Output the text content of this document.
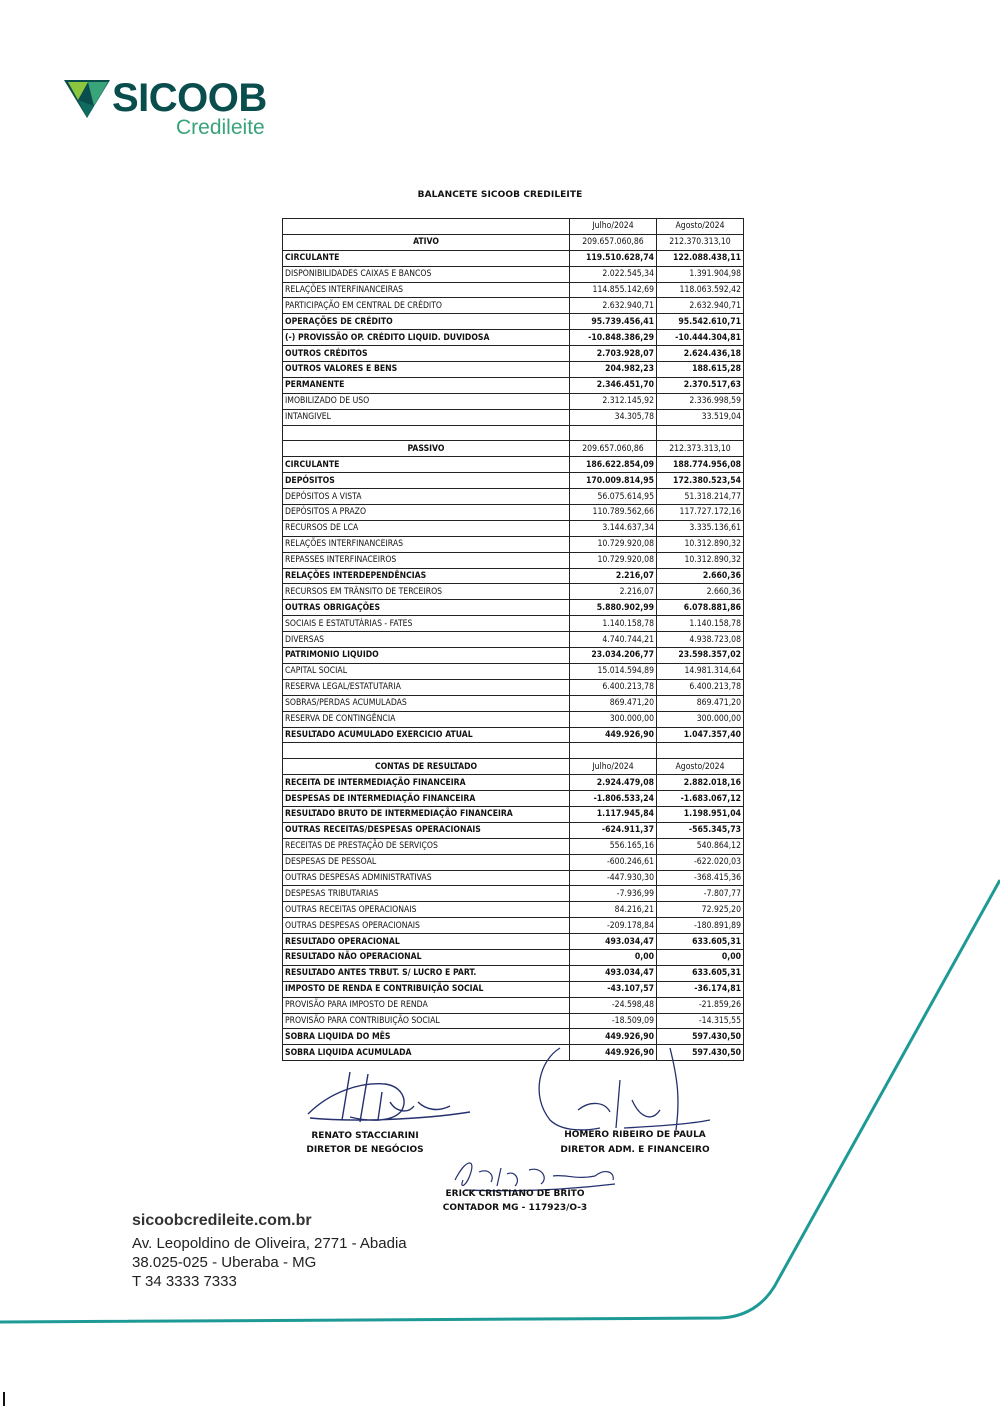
SICOOB
Credileite
BALANCETE SICOOB CREDILEITE
	Julho/2024	Agosto/2024
ATIVO	209.657.060,86	212.370.313,10
CIRCULANTE	119.510.628,74	122.088.438,11
DISPONIBILIDADES CAIXAS E BANCOS	2.022.545,34	1.391.904,98
RELAÇÕES INTERFINANCEIRAS	114.855.142,69	118.063.592,42
PARTICIPAÇÃO EM CENTRAL DE CRÉDITO	2.632.940,71	2.632.940,71
OPERAÇÕES DE CRÉDITO	95.739.456,41	95.542.610,71
(-) PROVISSÃO OP. CRÉDITO LIQUID. DUVIDOSA	-10.848.386,29	-10.444.304,81
OUTROS CRÉDITOS	2.703.928,07	2.624.436,18
OUTROS VALORES E BENS	204.982,23	188.615,28
PERMANENTE	2.346.451,70	2.370.517,63
IMOBILIZADO DE USO	2.312.145,92	2.336.998,59
INTANGIVEL	34.305,78	33.519,04

PASSIVO	209.657.060,86	212.373.313,10
CIRCULANTE	186.622.854,09	188.774.956,08
DEPÓSITOS	170.009.814,95	172.380.523,54
DEPÓSITOS A VISTA	56.075.614,95	51.318.214,77
DEPÓSITOS A PRAZO	110.789.562,66	117.727.172,16
RECURSOS DE LCA	3.144.637,34	3.335.136,61
RELAÇÕES INTERFINANCEIRAS	10.729.920,08	10.312.890,32
REPASSES INTERFINACEIROS	10.729.920,08	10.312.890,32
RELAÇÕES INTERDEPENDÊNCIAS	2.216,07	2.660,36
RECURSOS EM TRÂNSITO DE TERCEIROS	2.216,07	2.660,36
OUTRAS OBRIGAÇÕES	5.880.902,99	6.078.881,86
SOCIAIS E ESTATUTÁRIAS - FATES	1.140.158,78	1.140.158,78
DIVERSAS	4.740.744,21	4.938.723,08
PATRIMONIO LIQUIDO	23.034.206,77	23.598.357,02
CAPITAL SOCIAL	15.014.594,89	14.981.314,64
RESERVA LEGAL/ESTATUTARIA	6.400.213,78	6.400.213,78
SOBRAS/PERDAS ACUMULADAS	869.471,20	869.471,20
RESERVA DE CONTINGÊNCIA	300.000,00	300.000,00
RESULTADO ACUMULADO EXERCICIO ATUAL	449.926,90	1.047.357,40

CONTAS DE RESULTADO	Julho/2024	Agosto/2024
RECEITA DE INTERMEDIAÇÃO FINANCEIRA	2.924.479,08	2.882.018,16
DESPESAS DE INTERMEDIAÇÃO FINANCEIRA	-1.806.533,24	-1.683.067,12
RESULTADO BRUTO DE INTERMEDIAÇÃO FINANCEIRA	1.117.945,84	1.198.951,04
OUTRAS RECEITAS/DESPESAS OPERACIONAIS	-624.911,37	-565.345,73
RECEITAS DE PRESTAÇÃO DE SERVIÇOS	556.165,16	540.864,12
DESPESAS DE PESSOAL	-600.246,61	-622.020,03
OUTRAS DESPESAS ADMINISTRATIVAS	-447.930,30	-368.415,36
DESPESAS TRIBUTARIAS	-7.936,99	-7.807,77
OUTRAS RECEITAS OPERACIONAIS	84.216,21	72.925,20
OUTRAS DESPESAS OPERACIONAIS	-209.178,84	-180.891,89
RESULTADO OPERACIONAL	493.034,47	633.605,31
RESULTADO NÃO OPERACIONAL	0,00	0,00
RESULTADO ANTES TRBUT. S/ LUCRO E PART.	493.034,47	633.605,31
IMPOSTO DE RENDA E CONTRIBUIÇÃO SOCIAL	-43.107,57	-36.174,81
PROVISÃO PARA IMPOSTO DE RENDA	-24.598,48	-21.859,26
PROVISÃO PARA CONTRIBUIÇÃO SOCIAL	-18.509,09	-14.315,55
SOBRA LIQUIDA DO MÊS	449.926,90	597.430,50
SOBRA LIQUIDA ACUMULADA	449.926,90	597.430,50
RENATO STACCIARINI
DIRETOR DE NEGÓCIOS
HOMERO RIBEIRO DE PAULA
DIRETOR ADM. E FINANCEIRO
ERICK CRISTIANO DE BRITO
CONTADOR MG - 117923/O-3
sicoobcredileite.com.br
Av. Leopoldino de Oliveira, 2771 - Abadia
38.025-025 - Uberaba - MG
T 34 3333 7333
